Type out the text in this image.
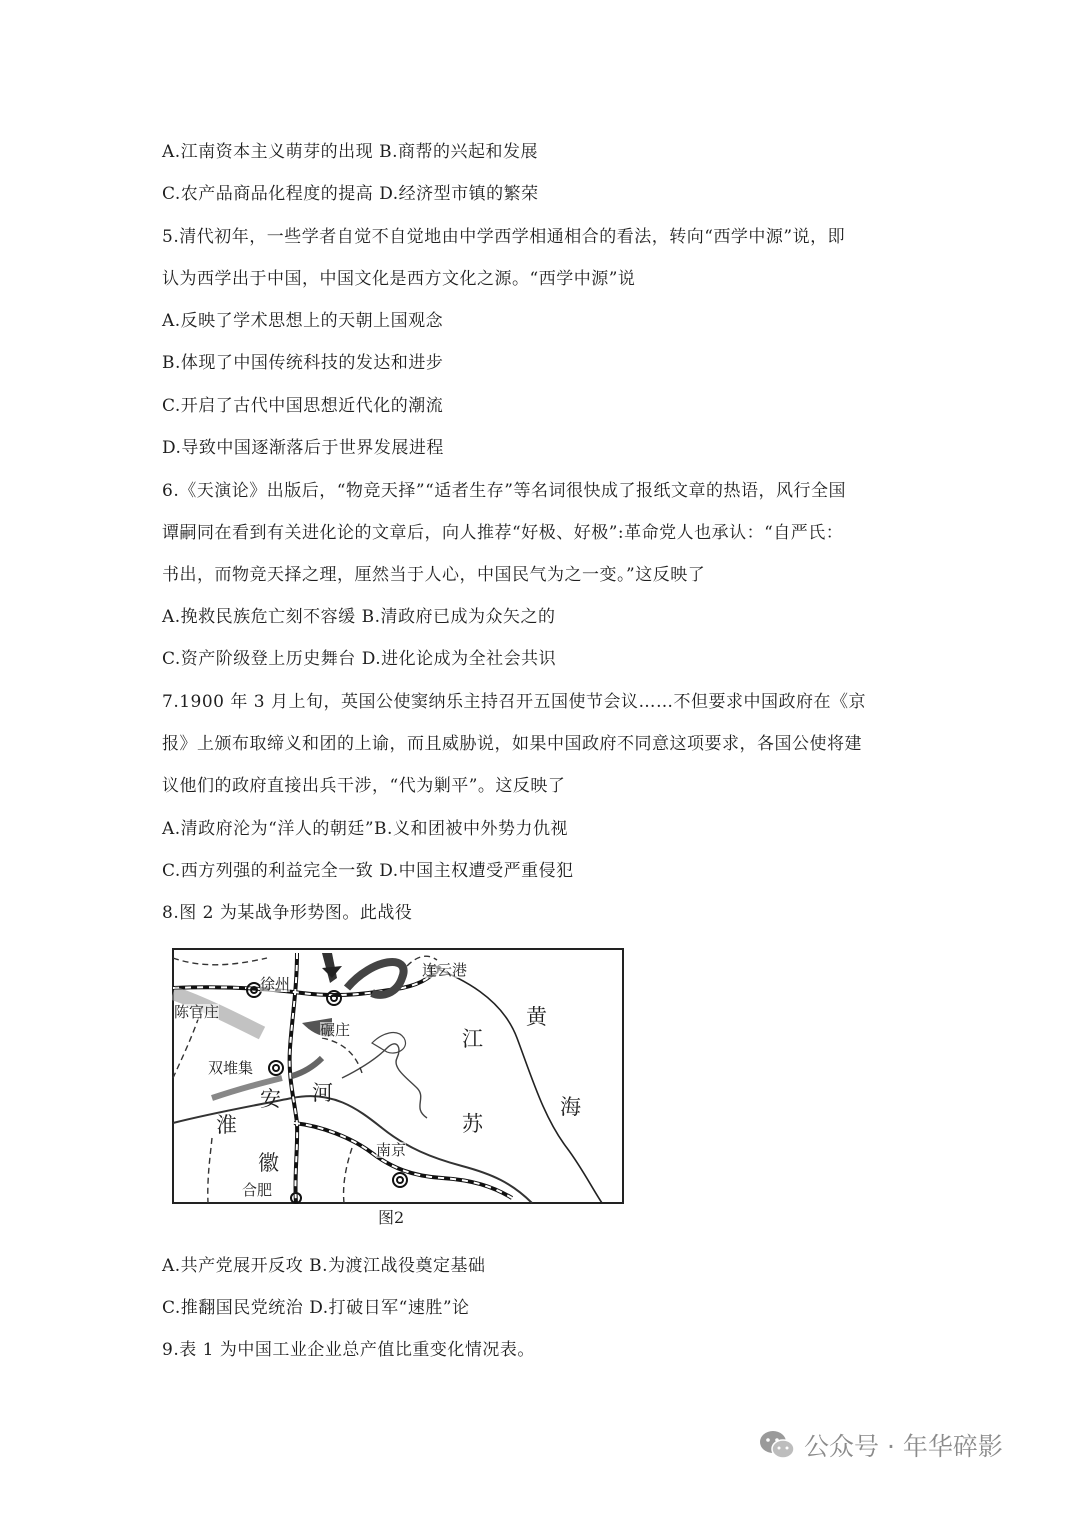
A.江南资本主义萌芽的出现 B.商帮的兴起和发展
C.农产品商品化程度的提高 D.经济型市镇的繁荣
5.清代初年，一些学者自觉不自觉地由中学西学相通相合的看法，转向“西学中源”说，即
认为西学出于中国，中国文化是西方文化之源。“西学中源”说
A.反映了学术思想上的天朝上国观念
B.体现了中国传统科技的发达和进步
C.开启了古代中国思想近代化的潮流
D.导致中国逐渐落后于世界发展进程
6.《天演论》出版后，“物竞天择”“适者生存”等名词很快成了报纸文章的热语，风行全国
谭嗣同在看到有关进化论的文章后，向人推荐“好极、好极”:革命党人也承认：“自严氏：
书出，而物竞天择之理，厘然当于人心，中国民气为之一变。”这反映了
A.挽救民族危亡刻不容缓 B.清政府已成为众矢之的
C.资产阶级登上历史舞台 D.进化论成为全社会共识
7.1900 年 3 月上旬，英国公使窦纳乐主持召开五国使节会议……不但要求中国政府在《京
报》上颁布取缔义和团的上谕，而且威胁说，如果中国政府不同意这项要求，各国公使将建
议他们的政府直接出兵干涉，“代为剿平”。这反映了
A.清政府沦为“洋人的朝廷”B.义和团被中外势力仇视
C.西方列强的利益完全一致 D.中国主权遭受严重侵犯
8.图 2 为某战争形势图。此战役
徐州
连云港
陈官庄
碾庄
双堆集
南京
合肥
江
苏
黄
海
安
徽
淮
河
图2
A.共产党展开反攻 B.为渡江战役奠定基础
C.推翻国民党统治 D.打破日军“速胜”论
9.表 1 为中国工业企业总产值比重变化情况表。
公众号 · 年华碎影
